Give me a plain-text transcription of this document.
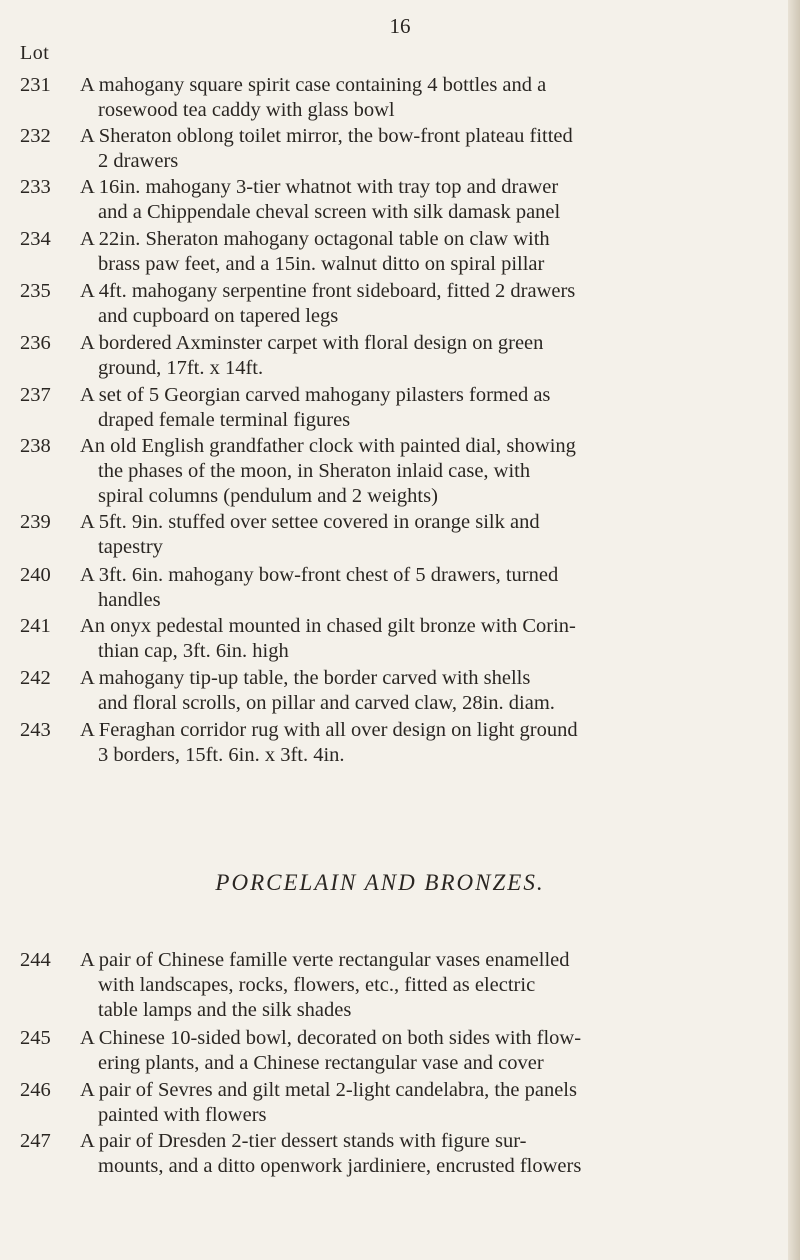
16
Lot
231	A mahogany square spirit case containing 4 bottles and a
rosewood tea caddy with glass bowl
232	A Sheraton oblong toilet mirror, the bow-front plateau fitted
2 drawers
233	A 16in. mahogany 3-tier whatnot with tray top and drawer
and a Chippendale cheval screen with silk damask panel
234	A 22in. Sheraton mahogany octagonal table on claw with
brass paw feet, and a 15in. walnut ditto on spiral pillar
235	A 4ft. mahogany serpentine front sideboard, fitted 2 drawers
and cupboard on tapered legs
236	A bordered Axminster carpet with floral design on green
ground, 17ft. x 14ft.
237	A set of 5 Georgian carved mahogany pilasters formed as
draped female terminal figures
238	An old English grandfather clock with painted dial, showing
the phases of the moon, in Sheraton inlaid case, with
spiral columns (pendulum and 2 weights)
239	A 5ft. 9in. stuffed over settee covered in orange silk and
tapestry
240	A 3ft. 6in. mahogany bow-front chest of 5 drawers, turned
handles
241	An onyx pedestal mounted in chased gilt bronze with Corin-
thian cap, 3ft. 6in. high
242	A mahogany tip-up table, the border carved with shells
and floral scrolls, on pillar and carved claw, 28in. diam.
243	A Feraghan corridor rug with all over design on light ground
3 borders, 15ft. 6in. x 3ft. 4in.
244	A pair of Chinese famille verte rectangular vases enamelled
with landscapes, rocks, flowers, etc., fitted as electric
table lamps and the silk shades
245	A Chinese 10-sided bowl, decorated on both sides with flow-
ering plants, and a Chinese rectangular vase and cover
246	A pair of Sevres and gilt metal 2-light candelabra, the panels
painted with flowers
247	A pair of Dresden 2-tier dessert stands with figure sur-
mounts, and a ditto openwork jardiniere, encrusted flowers
PORCELAIN AND BRONZES.
